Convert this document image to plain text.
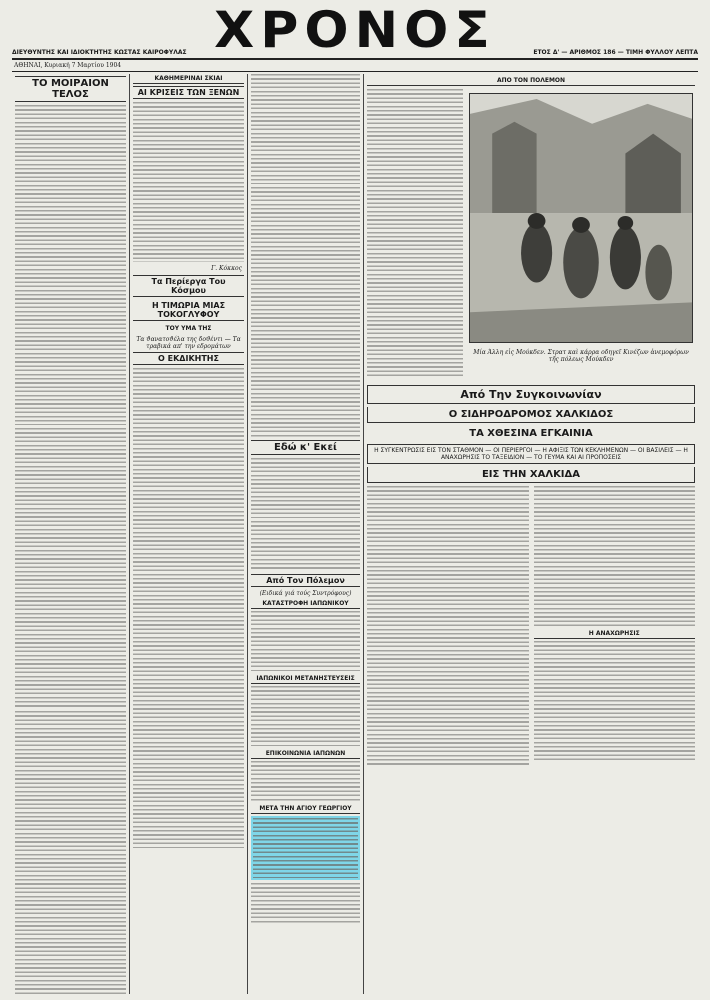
ΧΡΟΝΟΣ
ΔΙΕΥΘΥΝΤΗΣ ΚΑΙ ΙΔΙΟΚΤΗΤΗΣ ΚΩΣΤΑΣ ΚΑΙΡΟΦΥΛΑΣ	ΕΤΟΣ Δ' — ΑΡΙΘΜΟΣ 186 — ΤΙΜΗ ΦΥΛΛΟΥ ΛΕΠΤΑ
ΑΘΗΝΑΙ, Κυριακή 7 Μαρτίου 1904
ΤΟ ΜΟΙΡΑΙΟΝ ΤΕΛΟΣ
ΚΑΘΗΜΕΡΙΝΑΙ ΣΚΙΑΙ
ΑΙ ΚΡΙΣΕΙΣ ΤΩΝ ΞΕΝΩΝ
Γ. Κόκκος
Τα Περίεργα Του Κόσμου
Η ΤΙΜΩΡΙΑ ΜΙΑΣ ΤΟΚΟΓΛΥΦΟΥ
ΤΟΥ ΥΜΑ ΤΗΣ
Τα ϑανατοϑέλα της δοϑέντι — Τα τραβικά απ' την εδρομάτων
Ο ΕΚΔΙΚΗΤΗΣ
Εδώ κ' Εκεί
Από Τον Πόλεμον
(Ειδικά γιά τούς Συντρόφους)
ΚΑΤΑΣΤΡΟΦΗ ΙΑΠΩΝΙΚΟΥ
ΙΑΠΩΝΙΚΟΙ ΜΕΤΑΝΗΣΤΕΥΣΕΙΣ
ΕΠΙΚΟΙΝΩΝΙΑ ΙΑΠΩΝΩΝ
ΜΕΤΑ ΤΗΝ ΑΓΙΟΥ ΓΕΩΡΓΙΟΥ
ΑΠΟ ΤΟΝ ΠΟΛΕΜΟΝ
Μία Άλλη εἰς Μούκδεν. Στρατ καὶ κάρρα οδηγεῖ Κινέζων ἀνεμοφόρων τῆς πόλεως Μούκδεν
Από Την Συγκοινωνίαν
Ο ΣΙΔΗΡΟΔΡΟΜΟΣ ΧΑΛΚΙΔΟΣ
ΤΑ ΧΘΕΣΙΝΑ ΕΓΚΑΙΝΙΑ
Η ΣΥΓΚΕΝΤΡΩΣΙΣ ΕΙΣ ΤΟΝ ΣΤΑΘΜΟΝ — ΟΙ ΠΕΡΙΕΡΓΟΙ — Η ΑΦΙΞΙΣ ΤΩΝ ΚΕΚΛΗΜΕΝΩΝ — ΟΙ ΒΑΣΙΛΕΙΣ — Η ΑΝΑΧΩΡΗΣΙΣ ΤΟ ΤΑΞΕΙΔΙΟΝ — ΤΟ ΓΕΥΜΑ ΚΑΙ ΑΙ ΠΡΟΠΟΣΕΙΣ
ΕΙΣ ΤΗΝ ΧΑΛΚΙΔΑ
Η ΑΝΑΧΩΡΗΣΙΣ
